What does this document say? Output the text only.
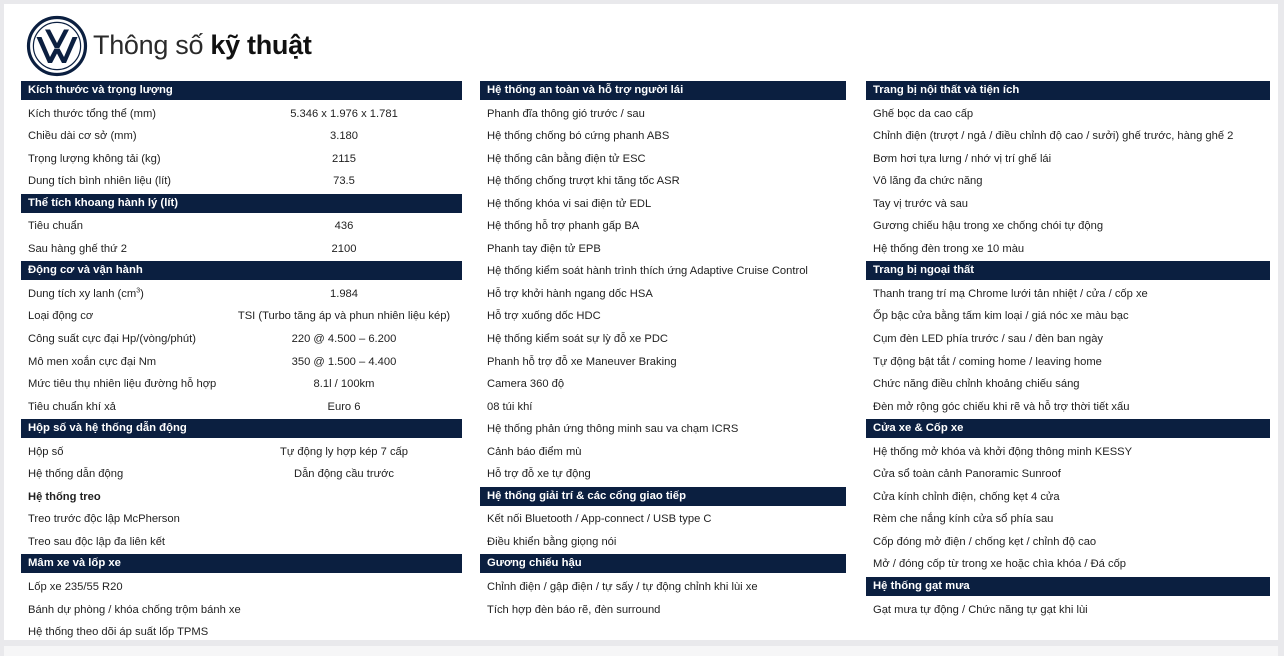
Thông số kỹ thuật
Kích thước và trọng lượng
Kích thước tổng thể (mm)	5.346 x 1.976 x 1.781
Chiều dài cơ sở (mm)	3.180
Trọng lượng không tải (kg)	2115
Dung tích bình nhiên liệu (lít)	73.5
Thể tích khoang hành lý (lít)
Tiêu chuẩn	436
Sau hàng ghế thứ 2	2100
Động cơ và vận hành
Dung tích xy lanh $(cm^3)$	1.984
Loại động cơ	TSI (Turbo tăng áp và phun nhiên liệu kép)
Công suất cực đại Hp/(vòng/phút)	220 @ 4.500 – 6.200
Mô men xoắn cực đại Nm	350 @ 1.500 – 4.400
Mức tiêu thụ nhiên liệu đường hỗ hợp	8.1l / 100km
Tiêu chuẩn khí xả	Euro 6
Hộp số và hệ thống dẫn động
Hộp số	Tự động ly hợp kép 7 cấp
Hệ thống dẫn động	Dẫn động cầu trước
Hệ thống treo
Treo trước độc lập McPherson
Treo sau độc lập đa liên kết
Mâm xe và lốp xe
Lốp xe 235/55 R20
Bánh dự phòng / khóa chống trộm bánh xe
Hệ thống theo dõi áp suất lốp TPMS
Hệ thống an toàn và hỗ trợ người lái
Phanh đĩa thông gió trước / sau
Hệ thống chống bó cứng phanh ABS
Hệ thống cân bằng điện tử ESC
Hệ thống chống trượt khi tăng tốc ASR
Hệ thống khóa vi sai điện tử EDL
Hệ thống hỗ trợ phanh gấp BA
Phanh tay điện tử EPB
Hệ thống kiểm soát hành trình thích ứng Adaptive Cruise Control
Hỗ trợ khởi hành ngang dốc HSA
Hỗ trợ xuống dốc HDC
Hệ thống kiểm soát sự lỳ đỗ xe PDC
Phanh hỗ trợ đỗ xe Maneuver Braking
Camera 360 độ
08 túi khí
Hệ thống phản ứng thông minh sau va chạm ICRS
Cảnh báo điểm mù
Hỗ trợ đỗ xe tự động
Hệ thống giải trí & các cổng giao tiếp
Kết nối Bluetooth / App-connect / USB type C
Điều khiển bằng giọng nói
Gương chiếu hậu
Chỉnh điện / gập điện / tự sấy / tự động chỉnh khi lùi xe
Tích hợp đèn báo rẽ, đèn surround
Trang bị nội thất và tiện ích
Ghế bọc da cao cấp
Chỉnh điện (trượt / ngả / điều chỉnh độ cao / sưởi) ghế trước, hàng ghế 2
Bơm hơi tựa lưng / nhớ vị trí ghế lái
Vô lăng đa chức năng
Tay vị trước và sau
Gương chiếu hậu trong xe chống chói tự động
Hệ thống đèn trong xe 10 màu
Trang bị ngoại thất
Thanh trang trí mạ Chrome lưới tản nhiệt / cửa / cốp xe
Ốp bậc cửa bằng tấm kim loại / giá nóc xe màu bạc
Cụm đèn LED phía trước / sau / đèn ban ngày
Tự động bật tắt / coming home / leaving home
Chức năng điều chỉnh khoảng chiếu sáng
Đèn mở rộng góc chiếu khi rẽ và hỗ trợ thời tiết xấu
Cửa xe & Cốp xe
Hệ thống mở khóa và khởi động thông minh KESSY
Cửa sổ toàn cảnh Panoramic Sunroof
Cửa kính chỉnh điện, chống kẹt 4 cửa
Rèm che nắng kính cửa sổ phía sau
Cốp đóng mở điện / chống kẹt / chỉnh độ cao
Mở / đóng cốp từ trong xe hoặc chìa khóa / Đá cốp
Hệ thống gạt mưa
Gạt mưa tự động / Chức năng tự gạt khi lùi
